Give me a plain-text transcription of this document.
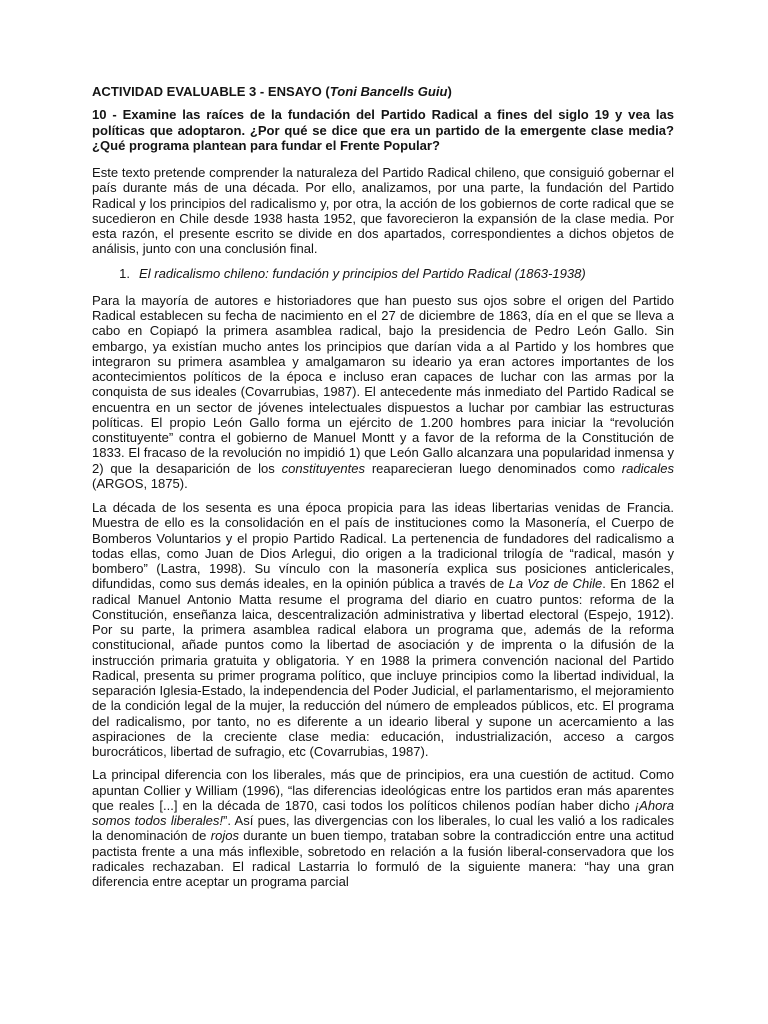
ACTIVIDAD EVALUABLE 3 - ENSAYO (Toni Bancells Guiu)
10 - Examine las raíces de la fundación del Partido Radical a fines del siglo 19 y vea las políticas que adoptaron. ¿Por qué se dice que era un partido de la emergente clase media? ¿Qué programa plantean para fundar el Frente Popular?
Este texto pretende comprender la naturaleza del Partido Radical chileno, que consiguió gobernar el país durante más de una década. Por ello, analizamos, por una parte, la fundación del Partido Radical y los principios del radicalismo y, por otra, la acción de los gobiernos de corte radical que se sucedieron en Chile desde 1938 hasta 1952, que favorecieron la expansión de la clase media. Por esta razón, el presente escrito se divide en dos apartados, correspondientes a dichos objetos de análisis, junto con una conclusión final.
1. El radicalismo chileno: fundación y principios del Partido Radical (1863-1938)
Para la mayoría de autores e historiadores que han puesto sus ojos sobre el origen del Partido Radical establecen su fecha de nacimiento en el 27 de diciembre de 1863, día en el que se lleva a cabo en Copiapó la primera asamblea radical, bajo la presidencia de Pedro León Gallo. Sin embargo, ya existían mucho antes los principios que darían vida a al Partido y los hombres que integraron su primera asamblea y amalgamaron su ideario ya eran actores importantes de los acontecimientos políticos de la época e incluso eran capaces de luchar con las armas por la conquista de sus ideales (Covarrubias, 1987). El antecedente más inmediato del Partido Radical se encuentra en un sector de jóvenes intelectuales dispuestos a luchar por cambiar las estructuras políticas. El propio León Gallo forma un ejército de 1.200 hombres para iniciar la “revolución constituyente” contra el gobierno de Manuel Montt y a favor de la reforma de la Constitución de 1833. El fracaso de la revolución no impidió 1) que León Gallo alcanzara una popularidad inmensa y 2) que la desaparición de los constituyentes reaparecieran luego denominados como radicales (ARGOS, 1875).
La década de los sesenta es una época propicia para las ideas libertarias venidas de Francia. Muestra de ello es la consolidación en el país de instituciones como la Masonería, el Cuerpo de Bomberos Voluntarios y el propio Partido Radical. La pertenencia de fundadores del radicalismo a todas ellas, como Juan de Dios Arlegui, dio origen a la tradicional trilogía de “radical, masón y bombero” (Lastra, 1998). Su vínculo con la masonería explica sus posiciones anticlericales, difundidas, como sus demás ideales, en la opinión pública a través de La Voz de Chile. En 1862 el radical Manuel Antonio Matta resume el programa del diario en cuatro puntos: reforma de la Constitución, enseñanza laica, descentralización administrativa y libertad electoral (Espejo, 1912). Por su parte, la primera asamblea radical elabora un programa que, además de la reforma constitucional, añade puntos como la libertad de asociación y de imprenta o la difusión de la instrucción primaria gratuita y obligatoria. Y en 1988 la primera convención nacional del Partido Radical, presenta su primer programa político, que incluye principios como la libertad individual, la separación Iglesia-Estado, la independencia del Poder Judicial, el parlamentarismo, el mejoramiento de la condición legal de la mujer, la reducción del número de empleados públicos, etc. El programa del radicalismo, por tanto, no es diferente a un ideario liberal y supone un acercamiento a las aspiraciones de la creciente clase media: educación, industrialización, acceso a cargos burocráticos, libertad de sufragio, etc (Covarrubias, 1987).
La principal diferencia con los liberales, más que de principios, era una cuestión de actitud. Como apuntan Collier y William (1996), “las diferencias ideológicas entre los partidos eran más aparentes que reales [...] en la década de 1870, casi todos los políticos chilenos podían haber dicho ¡Ahora somos todos liberales!”. Así pues, las divergencias con los liberales, lo cual les valió a los radicales la denominación de rojos durante un buen tiempo, trataban sobre la contradicción entre una actitud pactista frente a una más inflexible, sobretodo en relación a la fusión liberal-conservadora que los radicales rechazaban. El radical Lastarria lo formuló de la siguiente manera: “hay una gran diferencia entre aceptar un programa parcial
